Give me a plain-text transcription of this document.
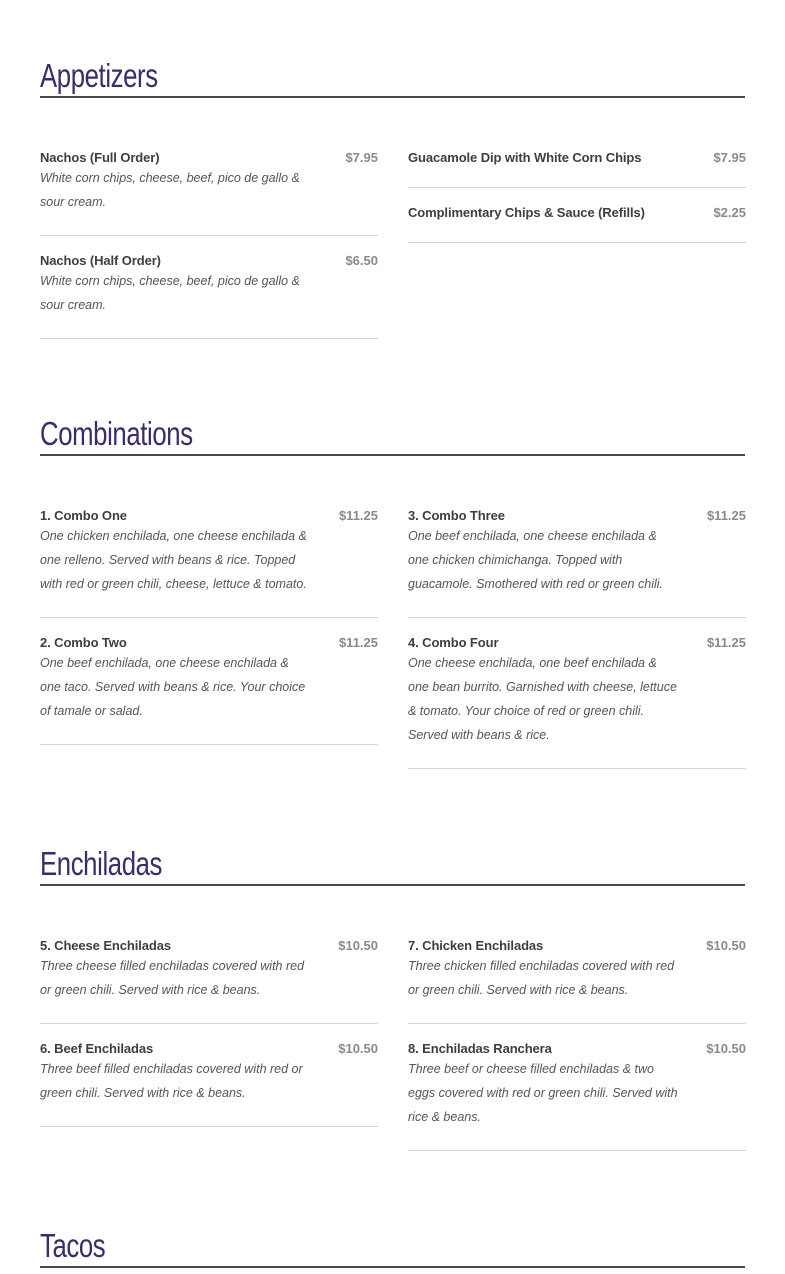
Appetizers
Nachos (Full Order)	$7.95
White corn chips, cheese, beef, pico de gallo & sour cream.
Nachos (Half Order)	$6.50
White corn chips, cheese, beef, pico de gallo & sour cream.
Guacamole Dip with White Corn Chips	$7.95
Complimentary Chips & Sauce (Refills)	$2.25
Combinations
1. Combo One	$11.25
One chicken enchilada, one cheese enchilada & one relleno. Served with beans & rice. Topped with red or green chili, cheese, lettuce & tomato.
2. Combo Two	$11.25
One beef enchilada, one cheese enchilada & one taco. Served with beans & rice. Your choice of tamale or salad.
3. Combo Three	$11.25
One beef enchilada, one cheese enchilada & one chicken chimichanga. Topped with guacamole. Smothered with red or green chili.
4. Combo Four	$11.25
One cheese enchilada, one beef enchilada & one bean burrito. Garnished with cheese, lettuce & tomato. Your choice of red or green chili. Served with beans & rice.
Enchiladas
5. Cheese Enchiladas	$10.50
Three cheese filled enchiladas covered with red or green chili. Served with rice & beans.
6. Beef Enchiladas	$10.50
Three beef filled enchiladas covered with red or green chili. Served with rice & beans.
7. Chicken Enchiladas	$10.50
Three chicken filled enchiladas covered with red or green chili. Served with rice & beans.
8. Enchiladas Ranchera	$10.50
Three beef or cheese filled enchiladas & two eggs covered with red or green chili. Served with rice & beans.
Tacos
